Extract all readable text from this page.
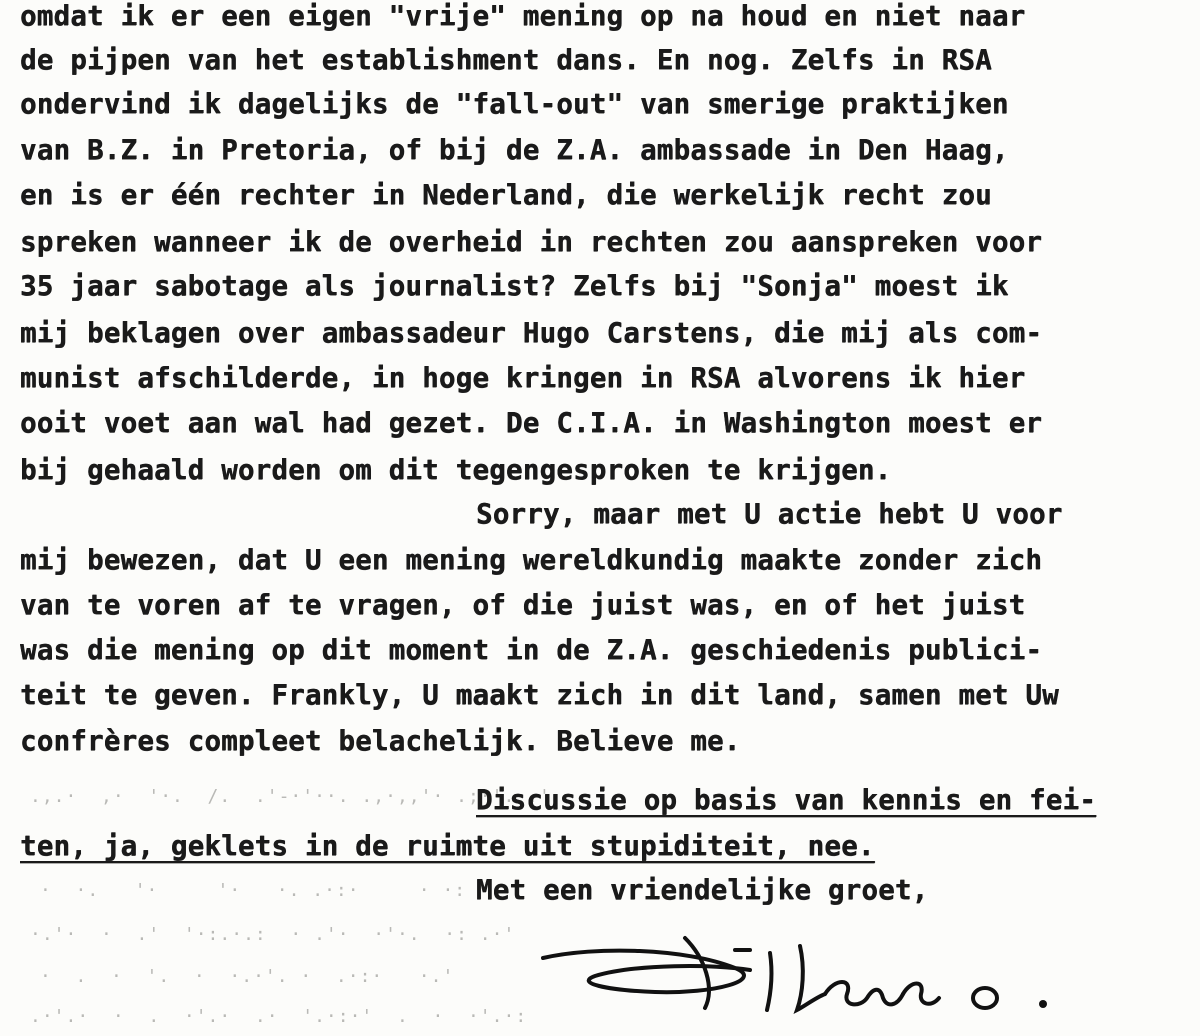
.,.·  ,·  '·.  /.  .'-·'··. .,·,,'· .;·'. .'·
·  ·.   '·     '·   ·. .·:·     · ·:
·.'·  ·  .'  '·:.·.:  · .'·  ·'·.  ·: .·'
·  .  ·  '.  ·  ·.·'. ·  .·:·   ·.'
.·'.·  ·  .  ·'.·  .·  '.·:·'  .  ·  ·'.·:
omdat ik er een eigen "vrije" mening op na houd en niet naar
de pijpen van het establishment dans. En nog. Zelfs in RSA
ondervind ik dagelijks de "fall-out" van smerige praktijken
van B.Z. in Pretoria, of bij de Z.A. ambassade in Den Haag,
en is er één rechter in Nederland, die werkelijk recht zou
spreken wanneer ik de overheid in rechten zou aanspreken voor
35 jaar sabotage als journalist? Zelfs bij "Sonja" moest ik
mij beklagen over ambassadeur Hugo Carstens, die mij als com-
munist afschilderde, in hoge kringen in RSA alvorens ik hier
ooit voet aan wal had gezet. De C.I.A. in Washington moest er
bij gehaald worden om dit tegengesproken te krijgen.
Sorry, maar met U actie hebt U voor
mij bewezen, dat U een mening wereldkundig maakte zonder zich
van te voren af te vragen, of die juist was, en of het juist
was die mening op dit moment in de Z.A. geschiedenis publici-
teit te geven. Frankly, U maakt zich in dit land, samen met Uw
confrères compleet belachelijk. Believe me.
Discussie op basis van kennis en fei-
ten, ja, geklets in de ruimte uit stupiditeit, nee.
Met een vriendelijke groet,
